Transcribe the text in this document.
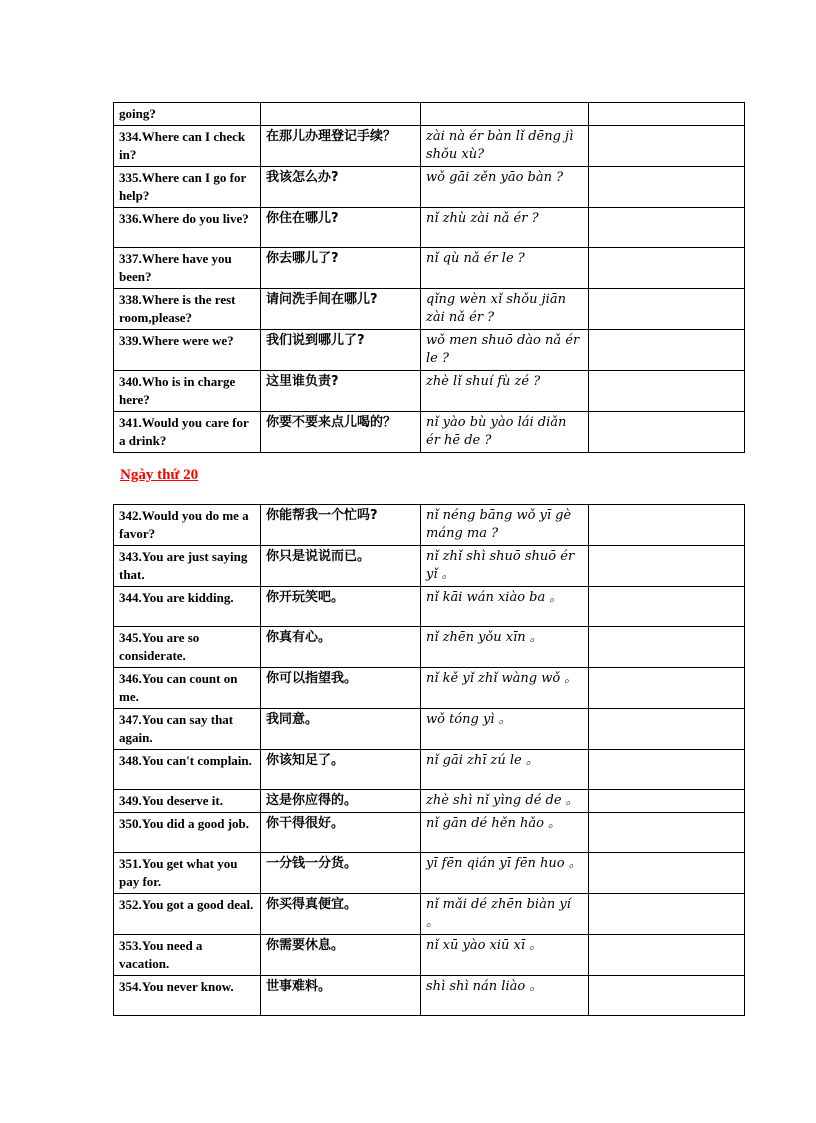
going?			
334.Where can I check in?	在那儿办理登记手续？	zài nà ér bàn lǐ dēng jì shǒu xù?	
335.Where can I go for help?	我该怎么办?	wǒ gāi zěn yāo bàn ?	
336.Where do you live?	你住在哪儿?	nǐ zhù zài nǎ ér ?	
337.Where have you been?	你去哪儿了?	nǐ qù nǎ ér le ?	
338.Where is the rest room,please?	请问洗手间在哪儿?	qǐng wèn xǐ shǒu jiān zài nǎ ér ?	
339.Where were we?	我们说到哪儿了?	wǒ men shuō dào nǎ ér le ?	
340.Who is in charge here?	这里谁负责?	zhè lǐ shuí fù zé ?	
341.Would you care for a drink?	你要不要来点儿喝的？	nǐ yào bù yào lái diǎn ér hē de ?	

Ngày thứ 20

342.Would you do me a favor?	你能帮我一个忙吗?	nǐ néng bāng wǒ yī gè máng ma ?	
343.You are just saying that.	你只是说说而已。	nǐ zhǐ shì shuō shuō ér yǐ 。	
344.You are kidding.	你开玩笑吧。	nǐ kāi wán xiào ba 。	
345.You are so considerate.	你真有心。	nǐ zhēn yǒu xīn 。	
346.You can count on me.	你可以指望我。	nǐ kě yǐ zhǐ wàng wǒ 。	
347.You can say that again.	我同意。	wǒ tóng yì 。	
348.You can't complain.	你该知足了。	nǐ gāi zhī zú le 。	
349.You deserve it.	这是你应得的。	zhè shì nǐ yìng dé de 。	
350.You did a good job.	你干得很好。	nǐ gān dé hěn hǎo 。	
351.You get what you pay for.	一分钱一分货。	yī fēn qián yī fēn huo 。	
352.You got a good deal.	你买得真便宜。	nǐ mǎi dé zhēn biàn yí 。	
353.You need a vacation.	你需要休息。	nǐ xū yào xiū xī 。	
354.You never know.	世事难料。	shì shì nán liào 。	
